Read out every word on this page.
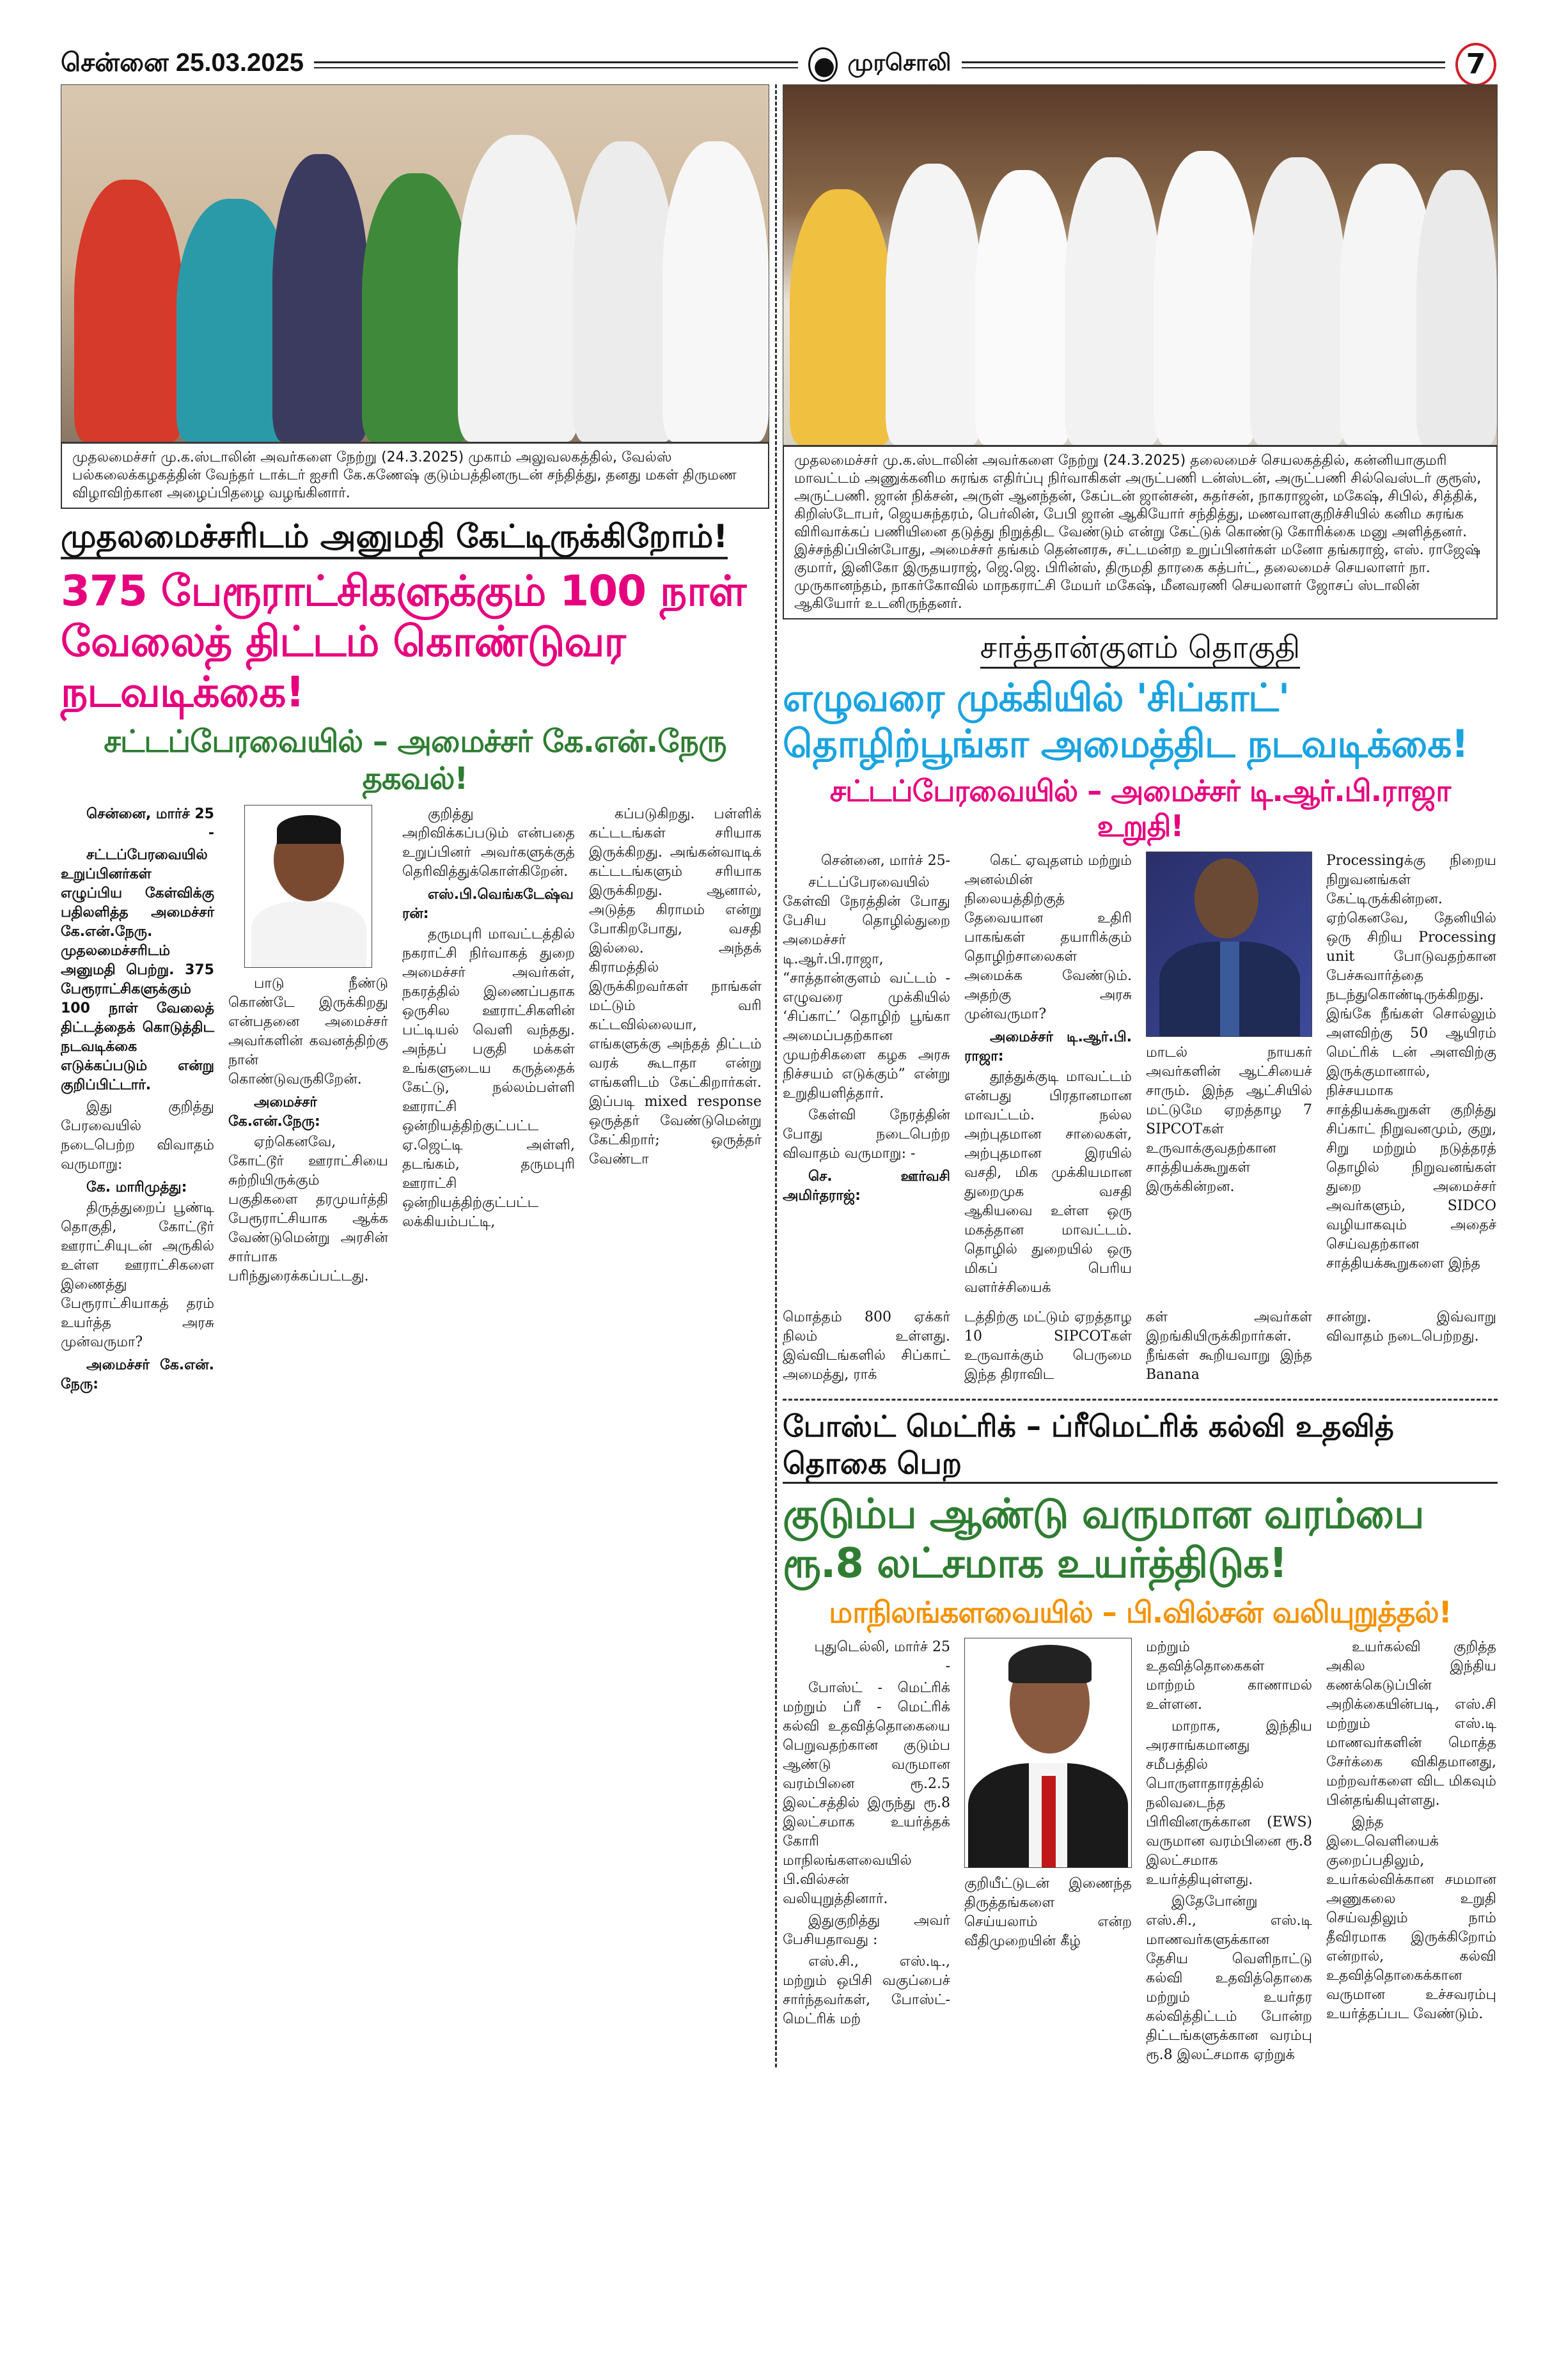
சென்னை 25.03.2025	முரசொலி	7
முதலமைச்சர் மு.க.ஸ்டாலின் அவர்களை நேற்று (24.3.2025) முகாம் அலுவலகத்தில், வேல்ஸ் பல்கலைக்கழகத்தின் வேந்தர் டாக்டர் ஐசரி கே.கணேஷ் குடும்பத்தினருடன் சந்தித்து, தனது மகள் திருமண விழாவிற்கான அழைப்பிதழை வழங்கினார்.
முதலமைச்சரிடம் அனுமதி கேட்டிருக்கிறோம்!
375 பேரூராட்சிகளுக்கும் 100 நாள் வேலைத் திட்டம் கொண்டுவர நடவடிக்கை!
சட்டப்பேரவையில் – அமைச்சர் கே.என்.நேரு தகவல்!

சென்னை, மார்ச் 25 -

சட்டப்பேரவையில் உறுப்பினர்கள் எழுப்பிய கேள்விக்கு பதிலளித்த அமைச்சர் கே.என்.நேரு. முதலமைச்சரிடம் அனுமதி பெற்று. 375 பேரூராட்சிகளுக்கும் 100 நாள் வேலைத் திட்டத்தைக் கொடுத்திட நடவடிக்கை எடுக்கப்படும் என்று குறிப்பிட்டார்.

இது குறித்து பேரவையில் நடைபெற்ற விவாதம் வருமாறு:

கே. மாரிமுத்து:

திருத்துறைப் பூண்டி தொகுதி, கோட்டூர் ஊராட்சியுடன் அருகில் உள்ள ஊராட்சிகளை இணைத்து பேரூராட்சியாகத் தரம் உயர்த்த அரசு முன்வருமா?

அமைச்சர் கே.என். நேரு:

பாடு நீண்டு கொண்டே இருக்கிறது என்பதனை அமைச்சர் அவர்களின் கவனத்திற்கு நான் கொண்டுவருகிறேன்.

அமைச்சர் கே.என்.நேரு:

ஏற்கெனவே, கோட்டூர் ஊராட்சியை சுற்றியிருக்கும் பகுதிகளை தரமுயர்த்தி பேரூராட்சியாக ஆக்க வேண்டுமென்று அரசின் சார்பாக பரிந்துரைக்கப்பட்டது.

குறித்து அறிவிக்கப்படும் என்பதை உறுப்பினர் அவர்களுக்குத் தெரிவித்துக்கொள்கிறேன்.

எஸ்.பி.வெங்கடேஷ்வரன்:

தருமபுரி மாவட்டத்தில் நகராட்சி நிர்வாகத் துறை அமைச்சர் அவர்கள், நகரத்தில் இணைப்பதாக ஒருசில ஊராட்சிகளின் பட்டியல் வெளி வந்தது. அந்தப் பகுதி மக்கள் உங்களுடைய கருத்தைக் கேட்டு, நல்லம்பள்ளி ஊராட்சி ஒன்றியத்திற்குட்பட்ட ஏ.ஜெட்டி அள்ளி, தடங்கம், தருமபுரி ஊராட்சி ஒன்றியத்திற்குட்பட்ட லக்கியம்பட்டி,

கப்படுகிறது. பள்ளிக் கட்டடங்கள் சரியாக இருக்கிறது. அங்கன்வாடிக் கட்டடங்களும் சரியாக இருக்கிறது. ஆனால், அடுத்த கிராமம் என்று போகிறபோது, வசதி இல்லை. அந்தக் கிராமத்தில் இருக்கிறவர்கள் நாங்கள் மட்டும் வரி கட்டவில்லையா, எங்களுக்கு அந்தத் திட்டம் வரக் கூடாதா என்று எங்களிடம் கேட்கிறார்கள். இப்படி mixed response ஒருத்தர் வேண்டுமென்று கேட்கிறார்; ஒருத்தர் வேண்டா

முதலமைச்சர் மு.க.ஸ்டாலின் அவர்களை நேற்று (24.3.2025) தலைமைச் செயலகத்தில், கன்னியாகுமரி மாவட்டம் அணுக்கனிம சுரங்க எதிர்ப்பு நிர்வாகிகள் அருட்பணி டன்ஸ்டன், அருட்பணி சில்வெஸ்டர் குரூஸ், அருட்பணி. ஜான் நிக்சன், அருள் ஆனந்தன், கேப்டன் ஜான்சன், சுதர்சன், நாகராஜன், மகேஷ், சிபில், சித்திக், கிறிஸ்டோபர், ஜெயசுந்தரம், பெர்லின், பேபி ஜான் ஆகியோர் சந்தித்து, மணவாளகுறிச்சியில் கனிம சுரங்க விரிவாக்கப் பணியினை தடுத்து நிறுத்திட வேண்டும் என்று கேட்டுக் கொண்டு கோரிக்கை மனு அளித்தனர். இச்சந்திப்பின்போது, அமைச்சர் தங்கம் தென்னரசு, சட்டமன்ற உறுப்பினர்கள் மனோ தங்கராஜ், எஸ். ராஜேஷ் குமார், இனிகோ இருதயராஜ், ஜெ.ஜெ. பிரின்ஸ், திருமதி தாரகை கத்பர்ட், தலைமைச் செயலாளர் நா. முருகானந்தம், நாகர்கோவில் மாநகராட்சி மேயர் மகேஷ், மீனவரணி செயலாளர் ஜோசப் ஸ்டாலின் ஆகியோர் உடனிருந்தனர்.
சாத்தான்குளம் தொகுதி
எழுவரை முக்கியில் 'சிப்காட்' தொழிற்பூங்கா அமைத்திட நடவடிக்கை!
சட்டப்பேரவையில் – அமைச்சர் டி.ஆர்.பி.ராஜா உறுதி!

சென்னை, மார்ச் 25-

சட்டப்பேரவையில் கேள்வி நேரத்தின் போது பேசிய தொழில்துறை அமைச்சர் டி.ஆர்.பி.ராஜா, “சாத்தான்குளம் வட்டம் - எழுவரை முக்கியில் ‘சிப்காட்’ தொழிற் பூங்கா அமைப்பதற்கான முயற்சிகளை கழக அரசு நிச்சயம் எடுக்கும்” என்று உறுதியளித்தார்.

கேள்வி நேரத்தின் போது நடைபெற்ற விவாதம் வருமாறு: -

செ. ஊர்வசி அமிர்தராஜ்:

கெட் ஏவுதளம் மற்றும் அனல்மின் நிலையத்திற்குத் தேவையான உதிரி பாகங்கள் தயாரிக்கும் தொழிற்சாலைகள் அமைக்க வேண்டும். அதற்கு அரசு முன்வருமா?

அமைச்சர் டி.ஆர்.பி. ராஜா:

தூத்துக்குடி மாவட்டம் என்பது பிரதானமான மாவட்டம். நல்ல அற்புதமான சாலைகள், அற்புதமான இரயில் வசதி, மிக முக்கியமான துறைமுக வசதி ஆகியவை உள்ள ஒரு மகத்தான மாவட்டம். தொழில் துறையில் ஒரு மிகப் பெரிய வளர்ச்சியைக்

மாடல் நாயகர் அவர்களின் ஆட்சியைச் சாரும். இந்த ஆட்சியில் மட்டுமே ஏறத்தாழ 7 SIPCOTகள் உருவாக்குவதற்கான சாத்தியக்கூறுகள் இருக்கின்றன.

Processingக்கு நிறைய நிறுவனங்கள் கேட்டிருக்கின்றன. ஏற்கெனவே, தேனியில் ஒரு சிறிய Processing unit போடுவதற்கான பேச்சுவார்த்தை நடந்துகொண்டிருக்கிறது. இங்கே நீங்கள் சொல்லும் அளவிற்கு 50 ஆயிரம் மெட்ரிக் டன் அளவிற்கு இருக்குமானால், நிச்சயமாக சாத்தியக்கூறுகள் குறித்து சிப்காட் நிறுவனமும், குறு, சிறு மற்றும் நடுத்தரத் தொழில் நிறுவனங்கள் துறை அமைச்சர் அவர்களும், SIDCO வழியாகவும் அதைச் செய்வதற்கான சாத்தியக்கூறுகளை இந்த

மொத்தம் 800 ஏக்கர் நிலம் உள்ளது. இவ்விடங்களில் சிப்காட் அமைத்து, ராக்

டத்திற்கு மட்டும் ஏறத்தாழ 10 SIPCOTகள் உருவாக்கும் பெருமை இந்த திராவிட

கள் அவர்கள் இறங்கியிருக்கிறார்கள். நீங்கள் கூறியவாறு இந்த Banana

சான்று. இவ்வாறு விவாதம் நடைபெற்றது.

போஸ்ட் மெட்ரிக் – ப்ரீமெட்ரிக் கல்வி உதவித் தொகை பெற
குடும்ப ஆண்டு வருமான வரம்பை ரூ.8 லட்சமாக உயர்த்திடுக!
மாநிலங்களவையில் – பி.வில்சன் வலியுறுத்தல்!

புதுடெல்லி, மார்ச் 25 -

போஸ்ட் - மெட்ரிக் மற்றும் ப்ரீ - மெட்ரிக் கல்வி உதவித்தொகையை பெறுவதற்கான குடும்ப ஆண்டு வருமான வரம்பினை ரூ.2.5 இலட்சத்தில் இருந்து ரூ.8 இலட்சமாக உயர்த்தக் கோரி மாநிலங்களவையில் பி.வில்சன் வலியுறுத்தினார்.

இதுகுறித்து அவர் பேசியதாவது :

எஸ்.சி., எஸ்.டி., மற்றும் ஒபிசி வகுப்பைச் சார்ந்தவர்கள், போஸ்ட்- மெட்ரிக் மற்

குறியீட்டுடன் இணைந்த திருத்தங்களை செய்யலாம் என்ற வீதிமுறையின் கீழ்

மற்றும் உதவித்தொகைகள் மாற்றம் காணாமல் உள்ளன.

மாறாக, இந்திய அரசாங்கமானது சமீபத்தில் பொருளாதாரத்தில் நலிவடைந்த பிரிவினருக்கான (EWS) வருமான வரம்பினை ரூ.8 இலட்சமாக உயர்த்தியுள்ளது.

இதேபோன்று எஸ்.சி., எஸ்.டி மாணவர்களுக்கான தேசிய வெளிநாட்டு கல்வி உதவித்தொகை மற்றும் உயர்தர கல்வித்திட்டம் போன்ற திட்டங்களுக்கான வரம்பு ரூ.8 இலட்சமாக ஏற்றுக்

உயர்கல்வி குறித்த அகில இந்திய கணக்கெடுப்பின் அறிக்கையின்படி, எஸ்.சி மற்றும் எஸ்.டி மாணவர்களின் மொத்த சேர்க்கை விகிதமானது, மற்றவர்களை விட மிகவும் பின்தங்கியுள்ளது.

இந்த இடைவெளியைக் குறைப்பதிலும், உயர்கல்விக்கான சமமான அணுகலை உறுதி செய்வதிலும் நாம் தீவிரமாக இருக்கிறோம் என்றால், கல்வி உதவித்தொகைக்கான வருமான உச்சவரம்பு உயர்த்தப்பட வேண்டும்.
